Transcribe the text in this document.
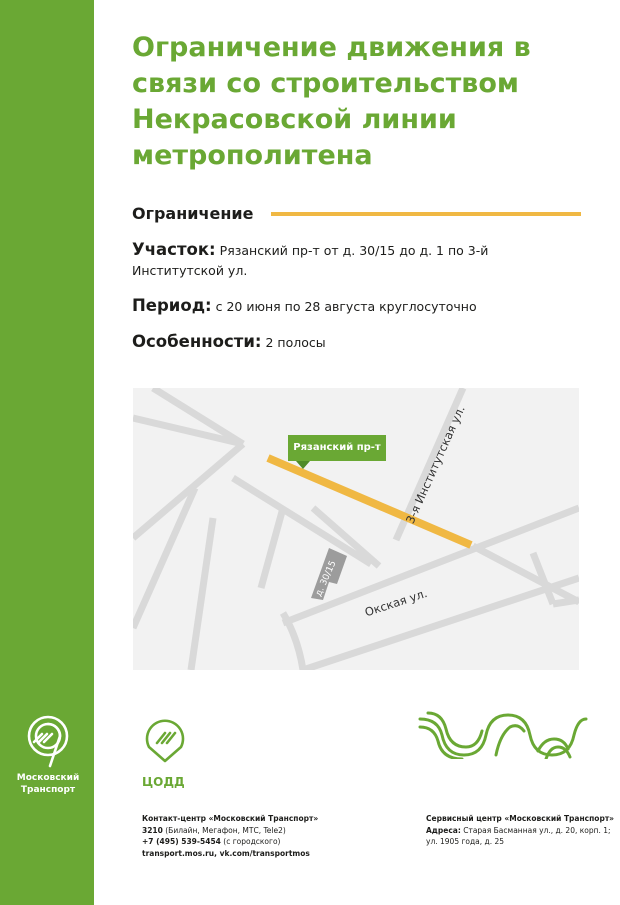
Московский
Транспорт
Ограничение движения в
связи со строительством
Некрасовской линии
метрополитена
Ограничение
Участок: Рязанский пр-т от д. 30/15 до д. 1 по 3-й Институтской ул.
Период: с 20 июня по 28 августа круглосуточно
Особенности: 2 полосы
Рязанский пр-т	3-я Институтская ул.
Окская ул.
д. 30/15
ЦОДД
Контакт-центр «Московский Транспорт»
3210 (Билайн, Мегафон, МТС, Tele2)
+7 (495) 539-5454 (с городского)
transport.mos.ru, vk.com/transportmos
Сервисный центр «Московский Транспорт»
Адреса: Старая Басманная ул., д. 20, корп. 1;
ул. 1905 года, д. 25
